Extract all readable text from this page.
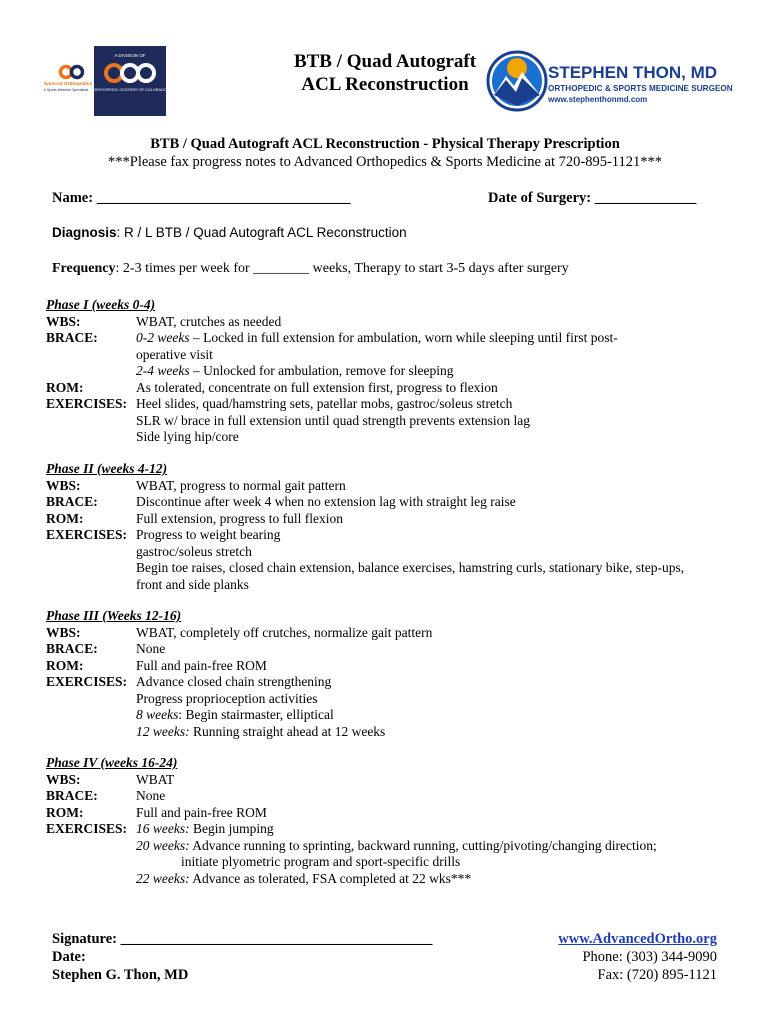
A DIVISION OF
ORTHOPEDIC CENTERS OF COLORADO
Advanced Orthopedics
& Sports Medicine Specialists
BTB / Quad Autograft
ACL Reconstruction
STEPHEN THON, MD
ORTHOPEDIC & SPORTS MEDICINE SURGEON
www.stephenthonmd.com
BTB / Quad Autograft ACL Reconstruction - Physical Therapy Prescription
***Please fax progress notes to Advanced Orthopedics & Sports Medicine at 720-895-1121***
Name: ___________________________________	Date of Surgery: ______________
Diagnosis: R / L BTB / Quad Autograft ACL Reconstruction
Frequency: 2-3 times per week for ________ weeks, Therapy to start 3-5 days after surgery
Phase I (weeks 0-4)
WBS:	WBAT, crutches as needed
BRACE:	0-2 weeks – Locked in full extension for ambulation, worn while sleeping until first post-
operative visit
2-4 weeks – Unlocked for ambulation, remove for sleeping
ROM:	As tolerated, concentrate on full extension first, progress to flexion
EXERCISES: Heel slides, quad/hamstring sets, patellar mobs, gastroc/soleus stretch
SLR w/ brace in full extension until quad strength prevents extension lag
Side lying hip/core
Phase II (weeks 4-12)
WBS:	WBAT, progress to normal gait pattern
BRACE:	Discontinue after week 4 when no extension lag with straight leg raise
ROM:	Full extension, progress to full flexion
EXERCISES: Progress to weight bearing
gastroc/soleus stretch
Begin toe raises, closed chain extension, balance exercises, hamstring curls, stationary bike, step-ups,
front and side planks
Phase III (Weeks 12-16)
WBS:	WBAT, completely off crutches, normalize gait pattern
BRACE:	None
ROM:	Full and pain-free ROM
EXERCISES: Advance closed chain strengthening
Progress proprioception activities
8 weeks: Begin stairmaster, elliptical
12 weeks: Running straight ahead at 12 weeks
Phase IV (weeks 16-24)
WBS:	WBAT
BRACE:	None
ROM:	Full and pain-free ROM
EXERCISES: 16 weeks: Begin jumping
20 weeks: Advance running to sprinting, backward running, cutting/pivoting/changing direction;
initiate plyometric program and sport-specific drills
22 weeks: Advance as tolerated, FSA completed at 22 wks***
Signature: ___________________________________________
Date:
Stephen G. Thon, MD
www.AdvancedOrtho.org
Phone: (303) 344-9090
Fax: (720) 895-1121
